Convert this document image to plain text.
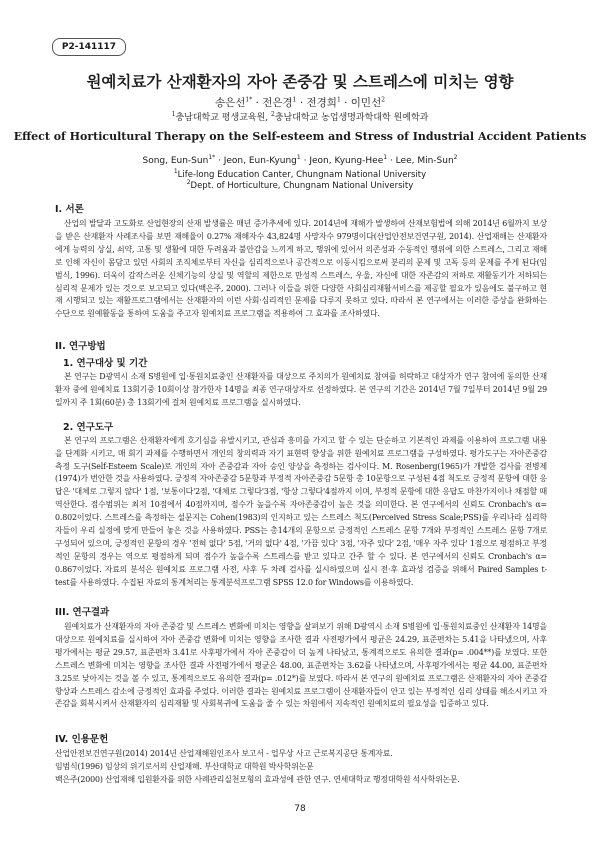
P2-141117
원예치료가 산재환자의 자아 존중감 및 스트레스에 미치는 영향
송은선$^{1*}$ · 전은경$^1$ · 전경희$^1$ · 이민선$^2$
$^1$충남대학교 평생교육원, $^2$충남대학교 농업생명과학대학 원예학과
Effect of Horticultural Therapy on the Self-esteem and Stress of Industrial Accident Patients
Song, Eun-Sun$^{1*}$ · Jeon, Eun-Kyung$^1$ · Jeon, Kyung-Hee$^1$ · Lee, Min-Sun$^2$
$^1$Life-long Education Canter, Chungnam National University
$^2$Dept. of Horticulture, Chungnam National University
I. 서론

산업의 발달과 고도화로 산업현장의 산재 발생률은 매년 증가추세에 있다. 2014년에 재해가 발생하여 산재보험법에 의해 2014년 6월까지 보상을 받은 산재환자 사례조사를 보면 재해율이 0.27% 재해자수 43,824명 사망자수 979명이다(산업안전보건연구원, 2014). 산업재해는 산재환자에게 능력의 상실, 쇠약, 고통 및 생활에 대한 두려움과 불안감을 느끼게 하고, 행위에 있어서 의존성과 수동적인 행위에 의한 스트레스, 그리고 재해로 인해 자신이 몸담고 있던 사회의 조직체로부터 자신을 심리적으로나 공간적으로 이동시킴으로써 분리의 문제 및 고독 등의 문제를 주게 된다(임범식, 1996). 더욱이 감작스러운 신체기능의 상실 및 역할의 제한으로 만성적 스트레스, 우울, 자신에 대한 자존감의 저하로 재활동기가 저하되는 심리적 문제가 있는 것으로 보고되고 있다(백은주, 2000). 그러나 이들을 위한 다양한 사회심리재활서비스를 제공할 필요가 있음에도 불구하고 현재 시행되고 있는 재활프로그램에서는 산재환자의 이런 사회·심리적인 문제를 다루지 못하고 있다. 따라서 본 연구에서는 이러한 증상을 완화하는 수단으로 원예활동을 통하여 도움을 주고자 원예치료 프로그램을 적용하여 그 효과를 조사하였다.

II. 연구방법
1. 연구대상 및 기간

본 연구는 D광역시 소재 S병원에 입·통원치료중인 산재환자를 대상으로 주치의가 원예치료 참여를 허락하고 대상자가 연구 참여에 동의한 산재환자 중에 원예치료 13회기중 10회이상 참가한자 14명을 최종 연구대상자로 선정하였다. 본 연구의 기간은 2014년 7월 7일부터 2014년 9월 29일까지 주 1회(60분) 총 13회기에 걸쳐 원예치료 프로그램을 실시하였다.

2. 연구도구

본 연구의 프로그램은 산재환자에게 호기심을 유발시키고, 관심과 흥미를 가지고 할 수 있는 단순하고 기본적인 과제를 이용하여 프로그램 내용을 단계화 시키고, 매 회기 과제를 수행하면서 개인의 창의력과 자기 표현력 향상을 위한 원예치료 프로그램을 구성하였다. 평가도구는 자아존중감 측정 도구(Self-Esteem Scale)로 개인의 자아 존중감과 자아 승인 양상을 측정하는 검사이다. M. Rosenberg(1965)가 개발한 검사를 전병제(1974)가 번안한 것을 사용하였다. 긍정적 자아존중감 5문항과 부정적 자아존중감 5문항 총 10문항으로 구성된 4점 척도로 긍정적 문항에 대한 응답은 '대체로 그렇지 않다' 1점, '보통이다'2점, '대체로 그렇다'3점, '항상 그렇다'4점까지 이며, 부정적 문항에 대한 응답도 마찬가지이나 채점할 때 역산한다. 점수범위는 최저 10점에서 40점까지며, 점수가 높을수록 자아존중감이 높은 것을 의미한다. 본 연구에서의 신뢰도 Cronbach's α= 0.802이었다. 스트레스를 측정하는 설문지는 Cohen(1983)의 인지하고 있는 스트레스 척도(Perceived Stress Scale;PSS)를 우리나라 심리학자들이 우리 실정에 맞게 만들어 놓은 것을 사용하였다. PSS는 총14개의 문항으로 긍정적인 스트레스 문항 7개와 부정적인 스트레스 문항 7개로 구성되어 있으며, 긍정적인 문항의 경우 '전혀 없다' 5점, '거의 없다' 4점, '가끔 있다' 3점, '자주 있다' 2점, '매우 자주 있다' 1점으로 평점하고 부정적인 문항의 경우는 역으로 평점하게 되며 점수가 높을수록 스트레스를 받고 있다고 간주 할 수 있다. 본 연구에서의 신뢰도 Cronbach's α= 0.867이었다. 자료의 분석은 원예치료 프로그램 사전, 사후 두 차례 검사를 실시하였으며 실시 전·후 효과성 검증을 위해서 Paired Samples t-test를 사용하였다. 수집된 자료의 통계처리는 통계분석프로그램 SPSS 12.0 for Windows를 이용하였다.

III. 연구결과

원예치료가 산재환자의 자아 존중감 및 스트레스 변화에 미치는 영향을 살펴보기 위해 D광역시 소재 S병원에 입·통원치료중인 산재환자 14명을 대상으로 원예치료를 실시하여 자아 존중감 변화에 미치는 영향을 조사한 결과 사전평가에서 평균은 24.29, 표준편차는 5.41을 나타냈으며, 사후평가에서는 평균 29.57, 표준편차 3.41로 사후평가에서 자아 존중감이 더 높게 나타났고, 통계적으로도 유의한 결과(p= .004**)를 보였다. 또한 스트레스 변화에 미치는 영향을 조사한 결과 사전평가에서 평균은 48.00, 표준편차는 3.62를 나타냈으며, 사후평가에서는 평균 44.00, 표준편차 3.25로 낮아지는 것을 볼 수 있고, 통계적으로도 유의한 결과(p= .012*)를 보였다. 따라서 본 연구의 원예치료 프로그램은 산재환자의 자아 존중감 향상과 스트레스 감소에 긍정적인 효과를 주었다. 이러한 결과는 원예치료 프로그램이 산재환자들이 안고 있는 부정적인 심리 상태를 해소시키고 자존감을 회복시켜서 산재환자의 심리재활 및 사회복귀에 도움을 줄 수 있는 차원에서 지속적인 원예치료의 필요성을 입증하고 있다.

IV. 인용문헌
산업안전보건연구원(2014) 2014년 산업재해원인조사 보고서 - 업무상 사고 근로복지공단 통계자료.
임범식(1996) 임상의 위기로서의 산업재해. 부산대학교 대학원 박사학위논문
백은주(2000) 산업재해 입원환자를 위한 사례관리실천모형의 효과성에 관한 연구. 연세대학교 행정대학원 석사학위논문.
78
